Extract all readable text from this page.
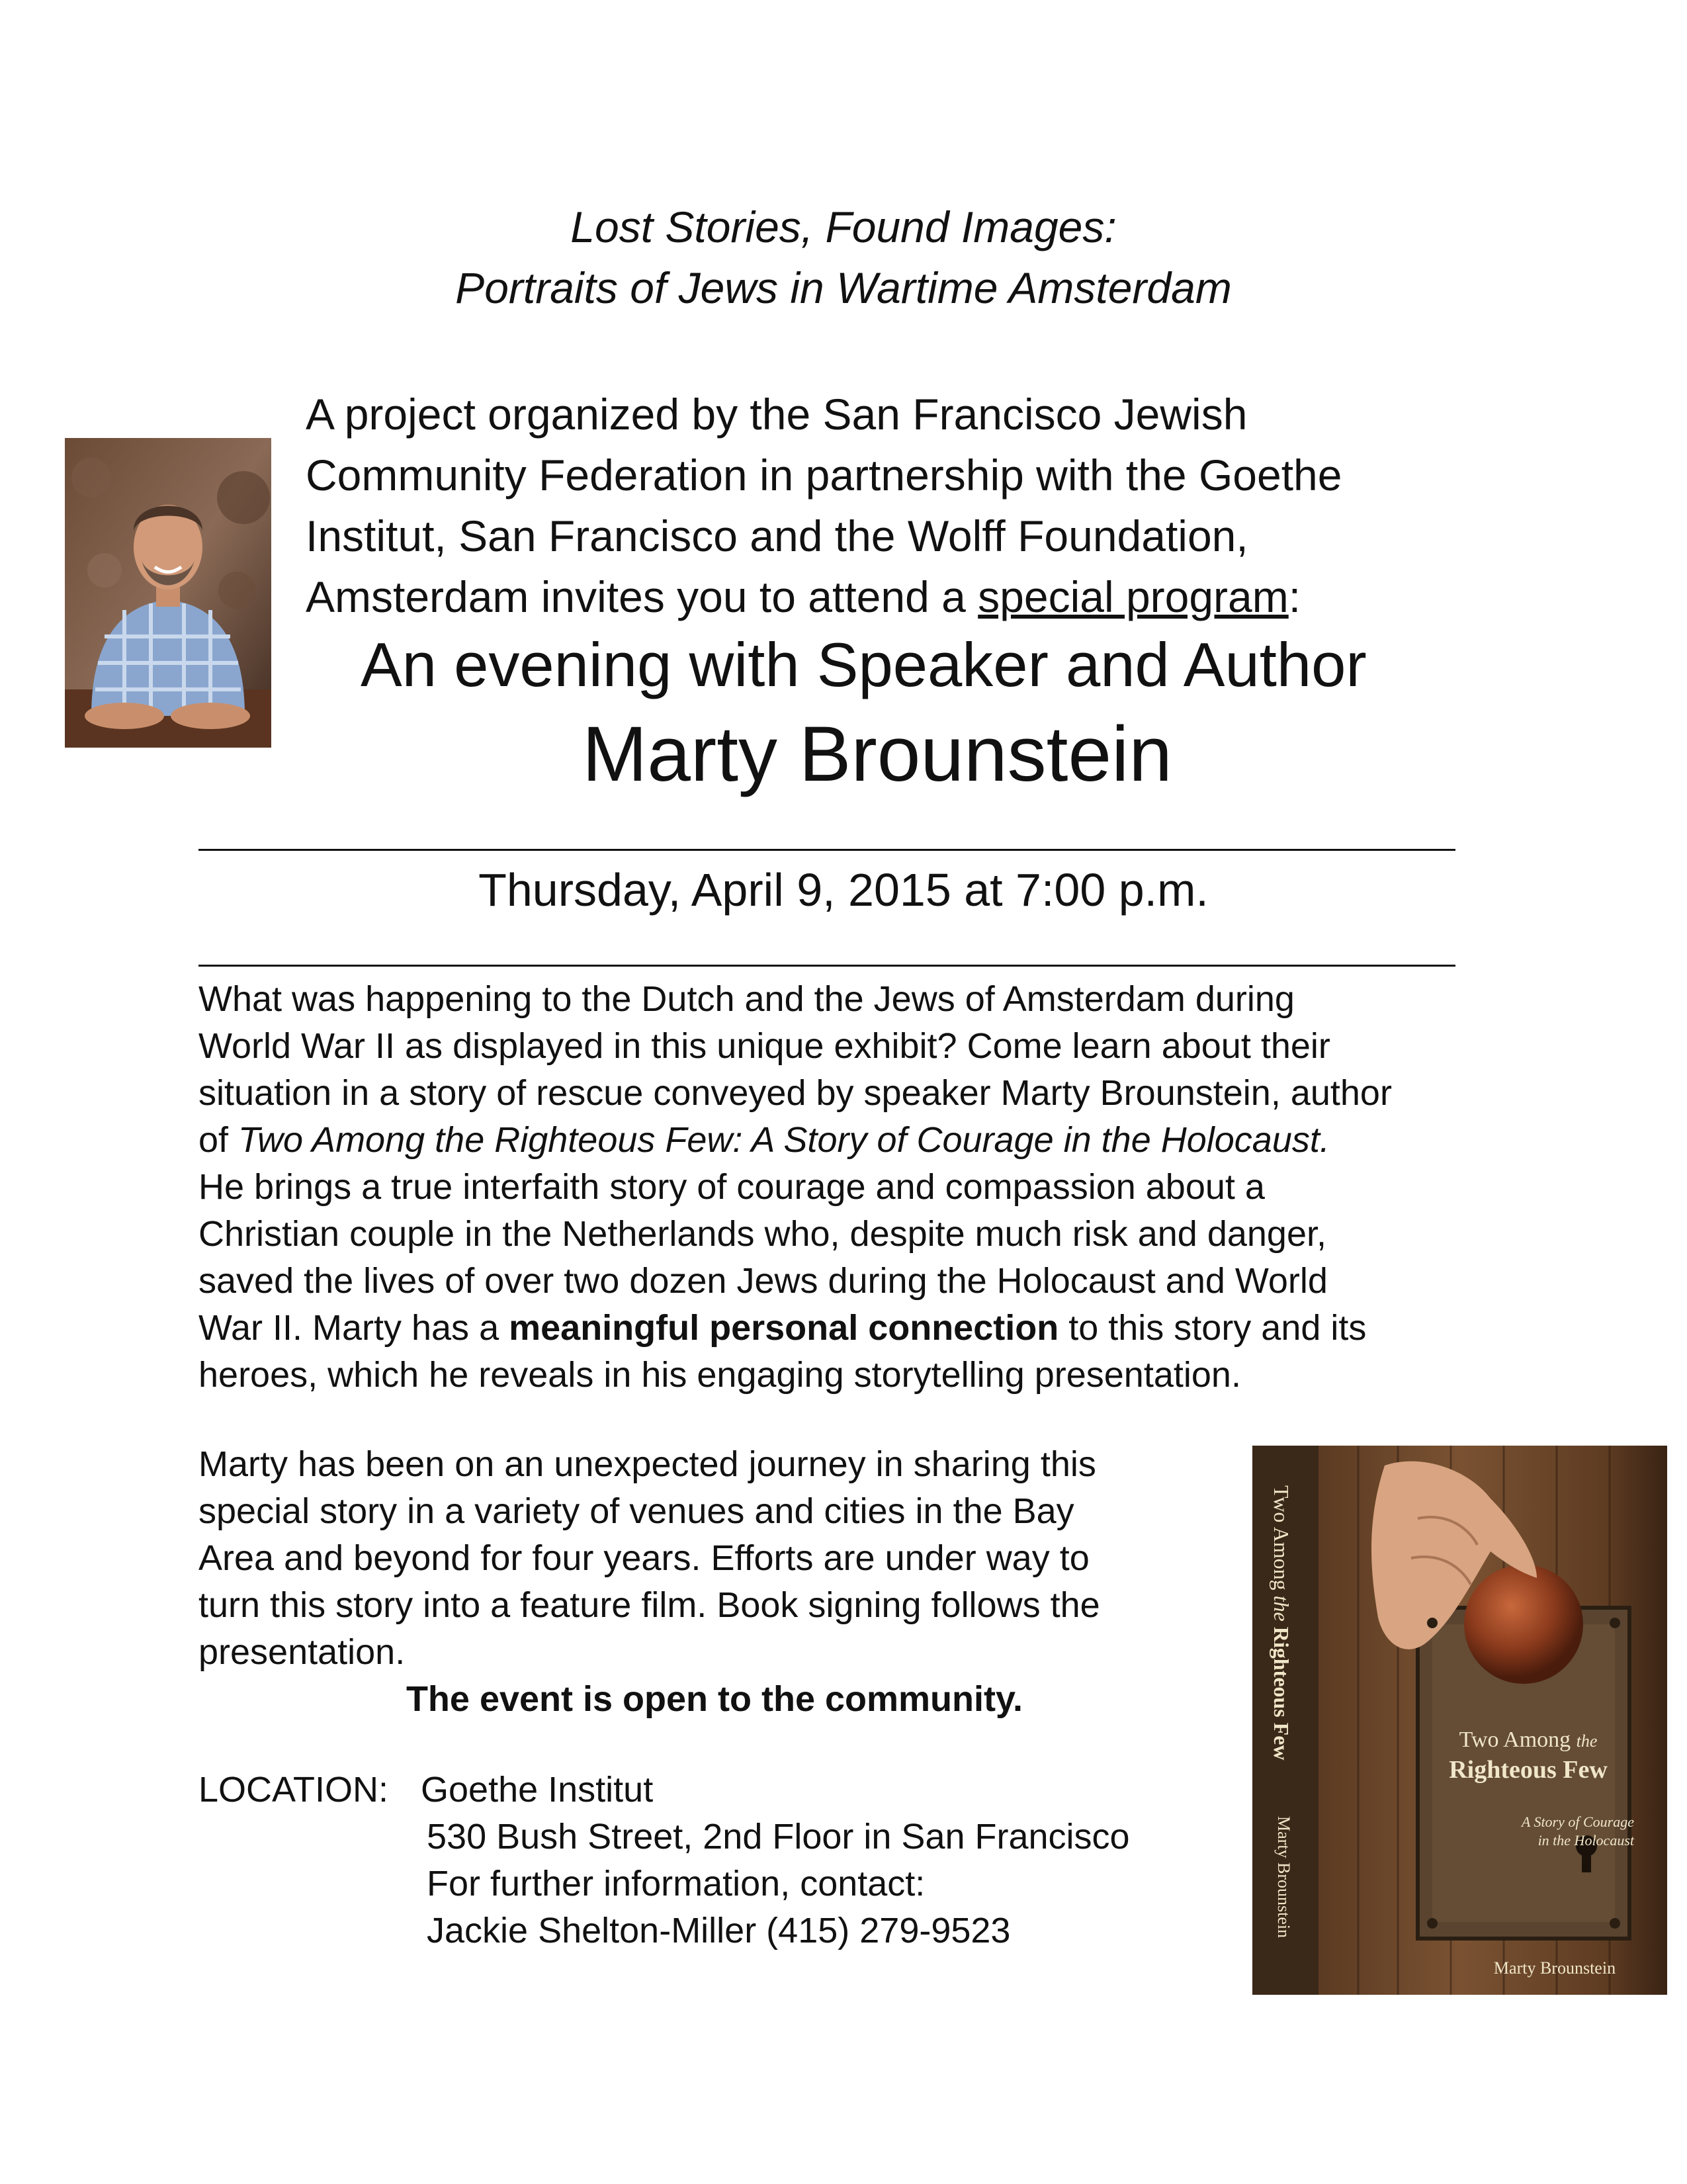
Lost Stories, Found Images:
Portraits of Jews in Wartime Amsterdam
A project organized by the San Francisco Jewish
Community Federation in partnership with the Goethe
Institut, San Francisco and the Wolff Foundation,
Amsterdam invites you to attend a special program:
An evening with Speaker and Author
Marty Brounstein
Thursday, April 9, 2015 at 7:00 p.m.
What was happening to the Dutch and the Jews of Amsterdam during
World War II as displayed in this unique exhibit? Come learn about their
situation in a story of rescue conveyed by speaker Marty Brounstein, author
of Two Among the Righteous Few: A Story of Courage in the Holocaust.
He brings a true interfaith story of courage and compassion about a
Christian couple in the Netherlands who, despite much risk and danger,
saved the lives of over two dozen Jews during the Holocaust and World
War II. Marty has a meaningful personal connection to this story and its
heroes, which he reveals in his engaging storytelling presentation.
Marty has been on an unexpected journey in sharing this
special story in a variety of venues and cities in the Bay
Area and beyond for four years. Efforts are under way to
turn this story into a feature film. Book signing follows the
presentation.
The event is open to the community.
LOCATION: Goethe Institut
530 Bush Street, 2nd Floor in San Francisco
For further information, contact:
Jackie Shelton-Miller (415) 279-9523
Two Among the Righteous Few
Marty Brounstein
Two Among the
Righteous Few
A Story of Courage
in the Holocaust
Marty Brounstein
